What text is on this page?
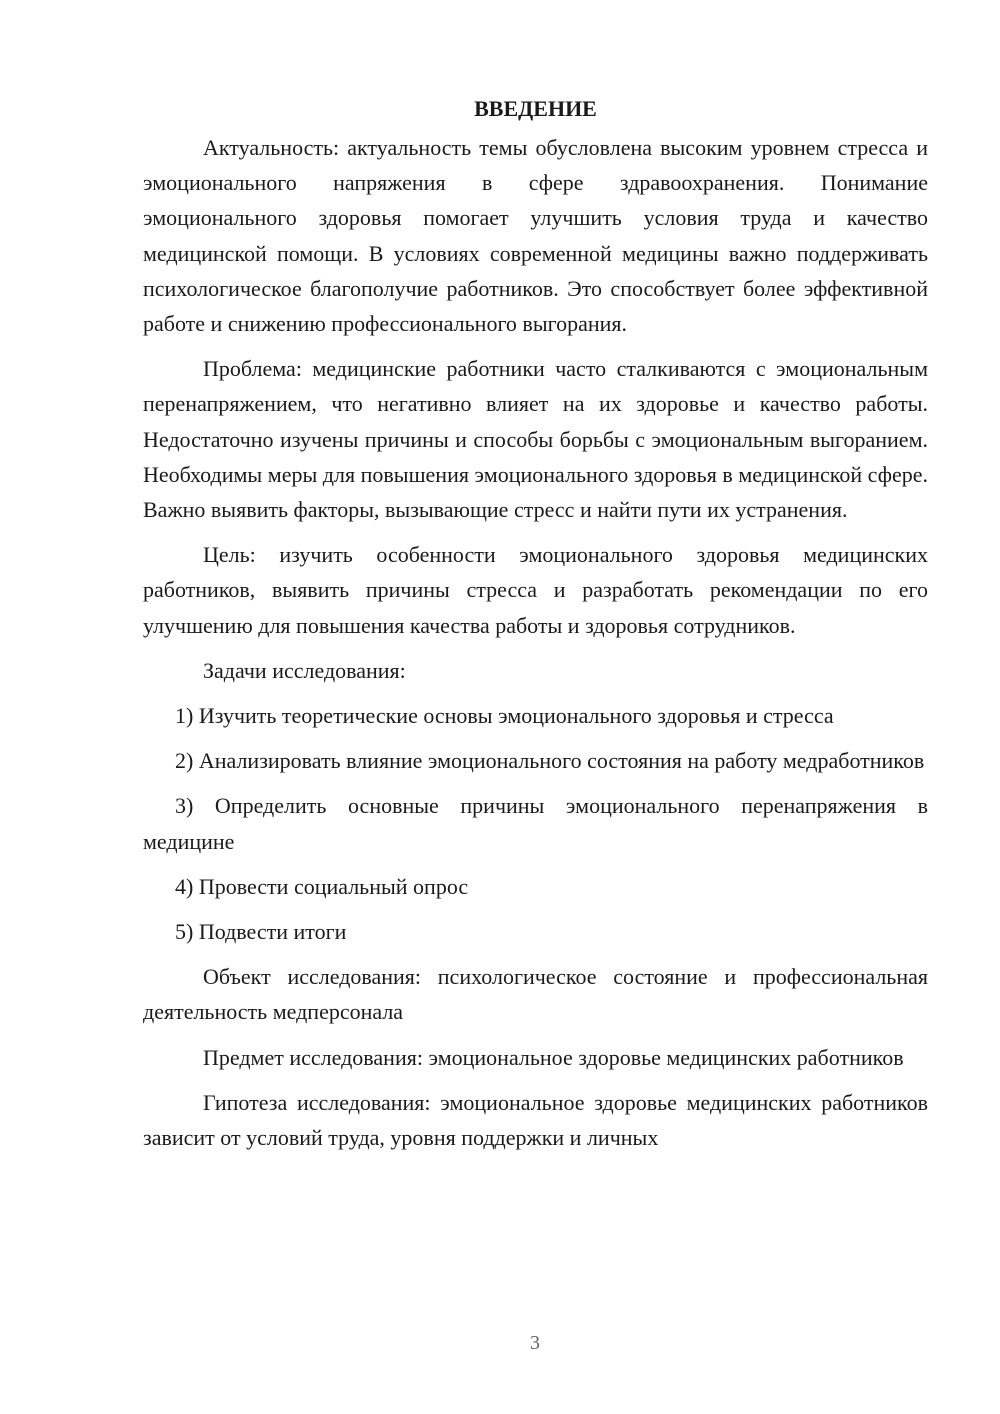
ВВЕДЕНИЕ

Актуальность: актуальность темы обусловлена высоким уровнем стресса и эмоционального напряжения в сфере здравоохранения. Понимание эмоционального здоровья помогает улучшить условия труда и качество медицинской помощи. В условиях современной медицины важно поддерживать психологическое благополучие работников. Это способствует более эффективной работе и снижению профессионального выгорания.

Проблема: медицинские работники часто сталкиваются с эмоциональным перенапряжением, что негативно влияет на их здоровье и качество работы. Недостаточно изучены причины и способы борьбы с эмоциональным выгоранием. Необходимы меры для повышения эмоционального здоровья в медицинской сфере. Важно выявить факторы, вызывающие стресс и найти пути их устранения.

Цель: изучить особенности эмоционального здоровья медицинских работников, выявить причины стресса и разработать рекомендации по его улучшению для повышения качества работы и здоровья сотрудников.

Задачи исследования:

1) Изучить теоретические основы эмоционального здоровья и стресса

2) Анализировать влияние эмоционального состояния на работу медработников

3) Определить основные причины эмоционального перенапряжения в медицине

4) Провести социальный опрос

5) Подвести итоги

Объект исследования: психологическое состояние и профессиональная деятельность медперсонала

Предмет исследования: эмоциональное здоровье медицинских работников

Гипотеза исследования: эмоциональное здоровье медицинских работников зависит от условий труда, уровня поддержки и личных

3
